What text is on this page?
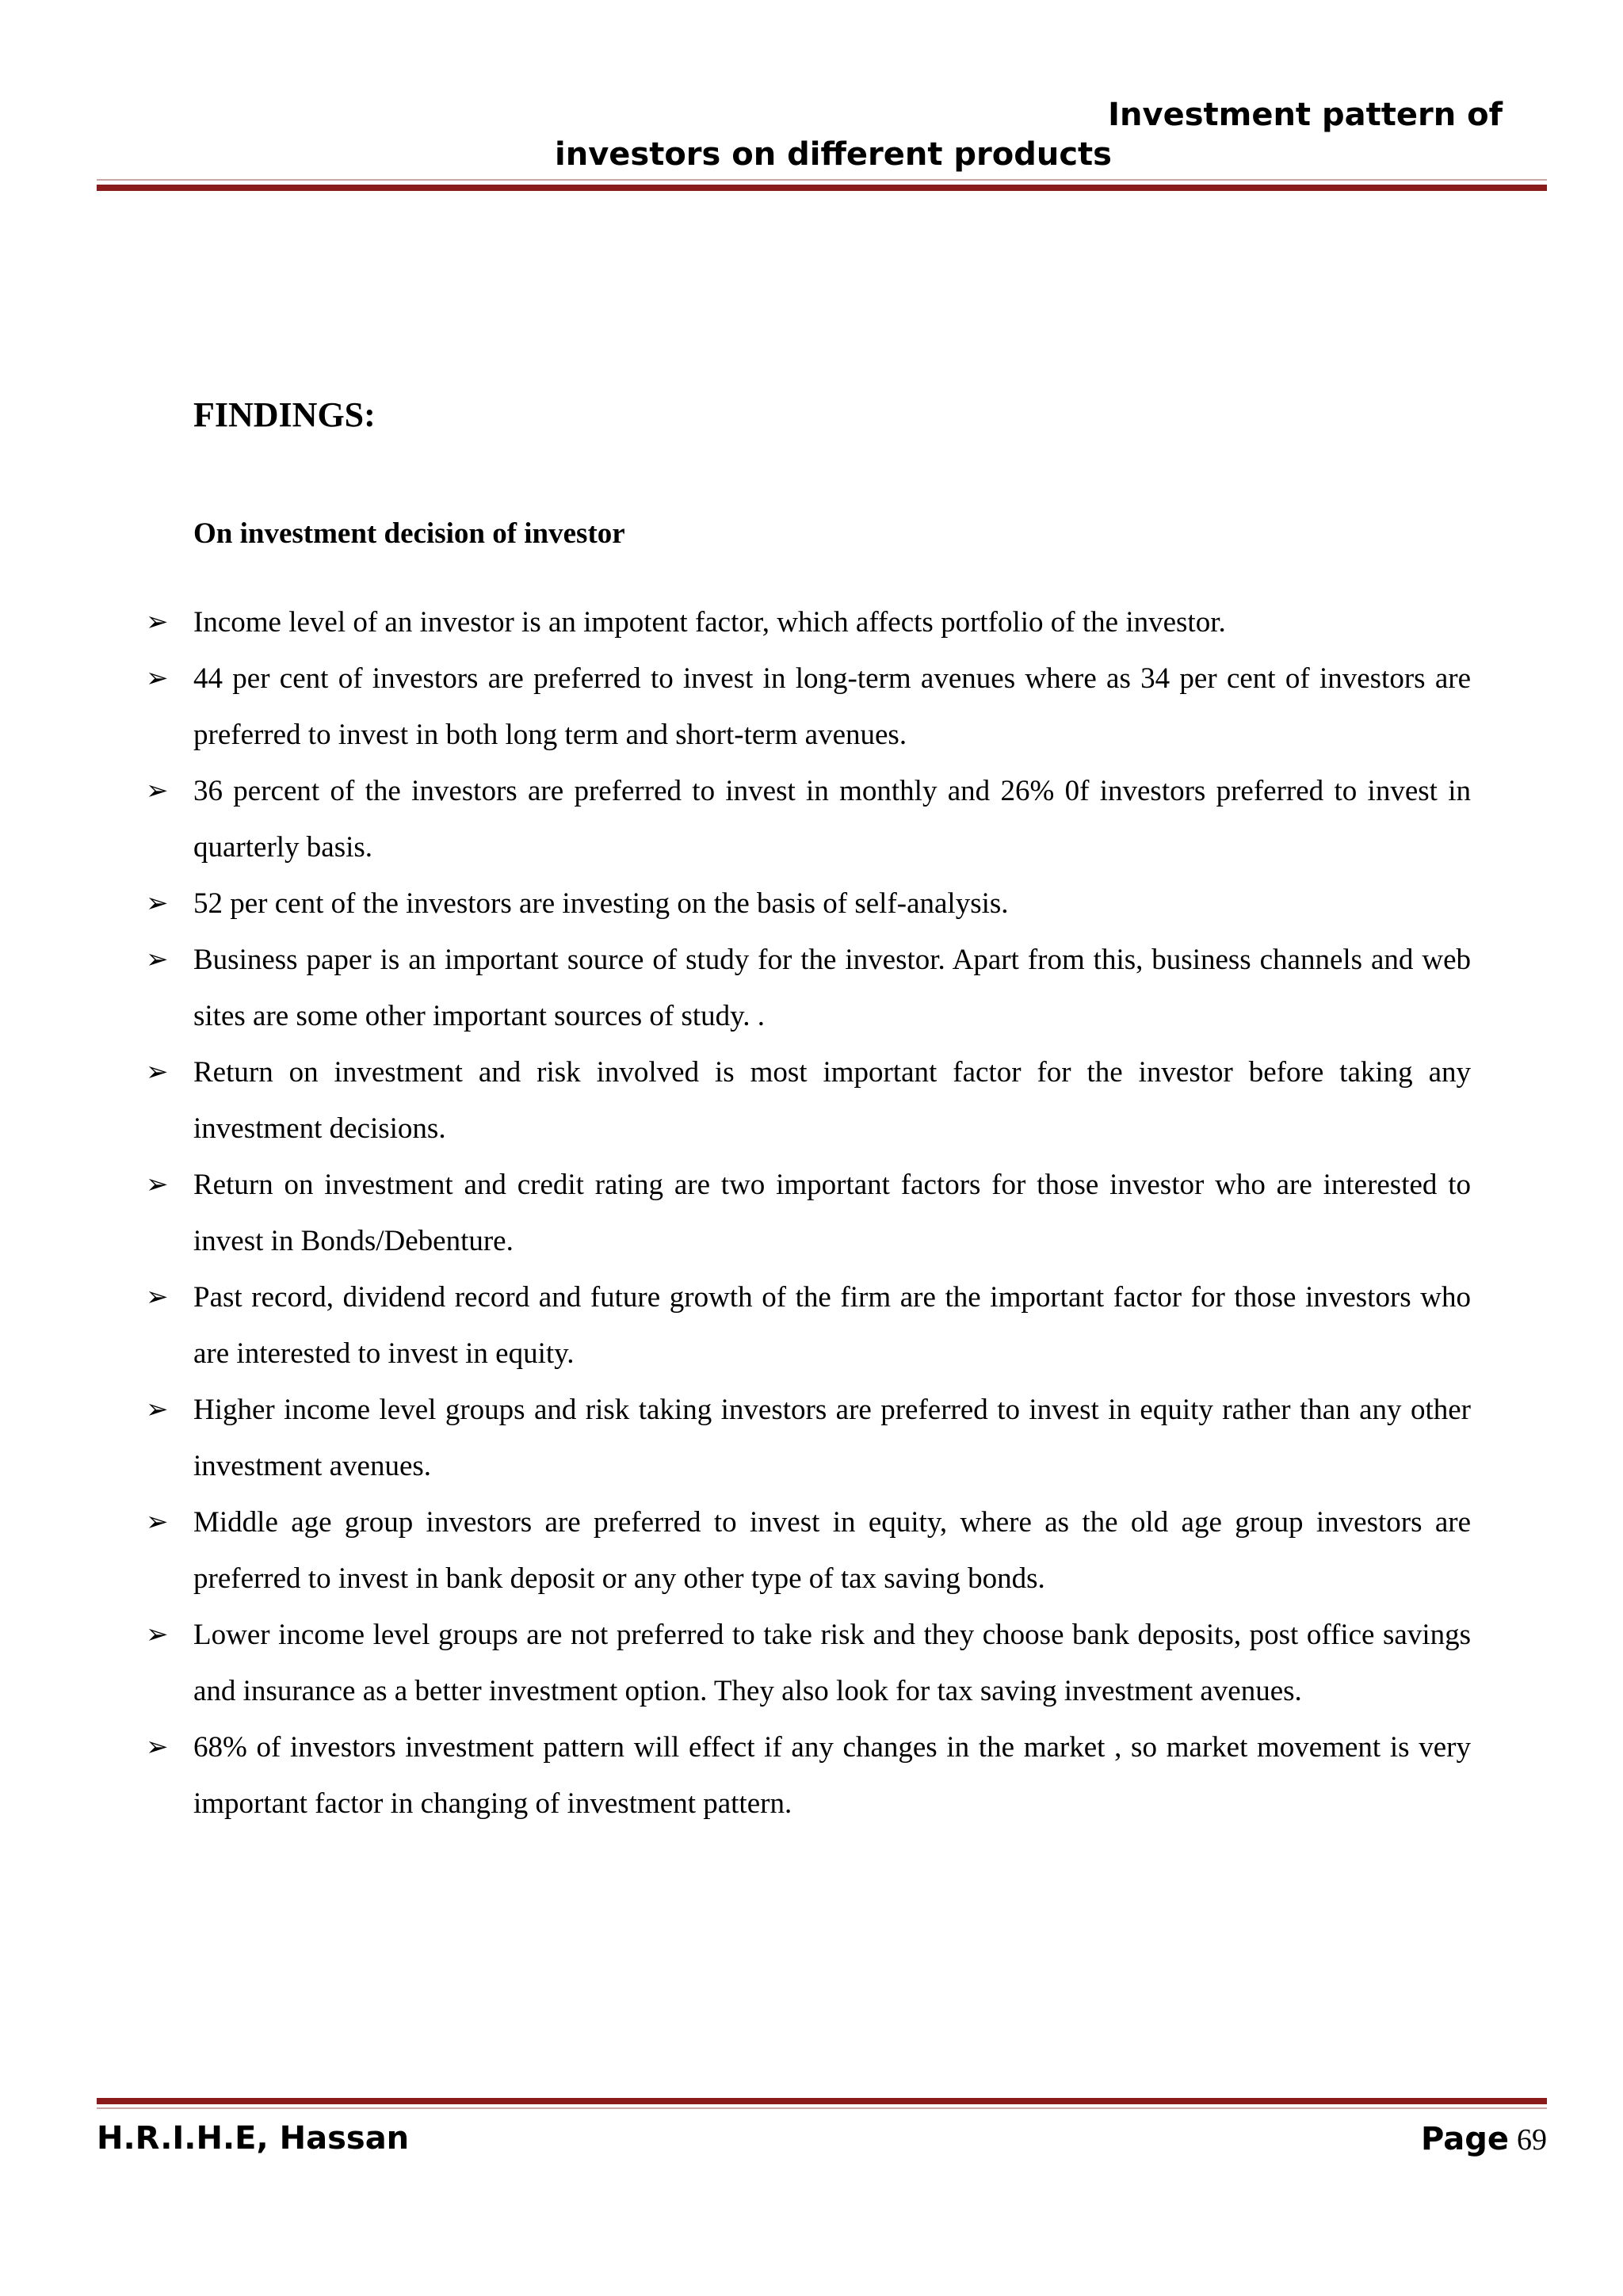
Investment pattern of
investors on different products
FINDINGS:
On investment decision of investor
➢ Income level of an investor is an impotent factor, which affects portfolio of the investor.
➢ 44 per cent of investors are preferred to invest in long-term avenues where as 34 per cent of investors are preferred to invest in both long term and short-term avenues.
➢ 36 percent of the investors are preferred to invest in monthly and 26% 0f investors preferred to invest in quarterly basis.
➢ 52 per cent of the investors are investing on the basis of self-analysis.
➢ Business paper is an important source of study for the investor. Apart from this, business channels and web sites are some other important sources of study. .
➢ Return on investment and risk involved is most important factor for the investor before taking any investment decisions.
➢ Return on investment and credit rating are two important factors for those investor who are interested to invest in Bonds/Debenture.
➢ Past record, dividend record and future growth of the firm are the important factor for those investors who are interested to invest in equity.
➢ Higher income level groups and risk taking investors are preferred to invest in equity rather than any other investment avenues.
➢ Middle age group investors are preferred to invest in equity, where as the old age group investors are preferred to invest in bank deposit or any other type of tax saving bonds.
➢ Lower income level groups are not preferred to take risk and they choose bank deposits, post office savings and insurance as a better investment option. They also look for tax saving investment avenues.
➢ 68% of investors investment pattern will effect if any changes in the market , so market movement is very important factor in changing of investment pattern.
H.R.I.H.E, Hassan	Page 69
